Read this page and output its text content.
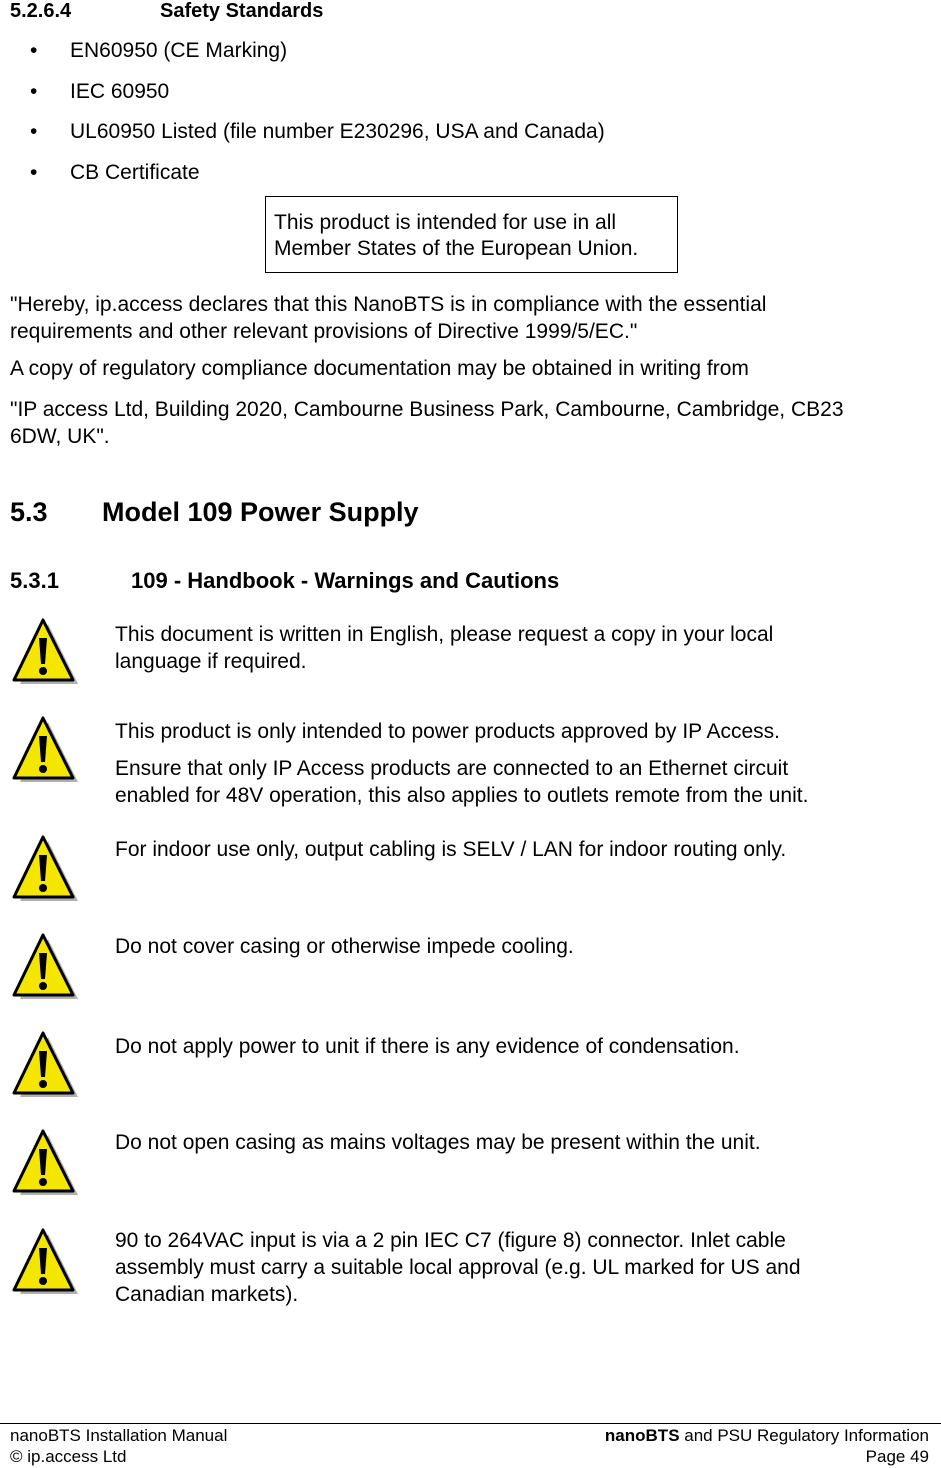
5.2.6.4	Safety Standards
•	EN60950 (CE Marking)
•	IEC 60950
•	UL60950 Listed (file number E230296, USA and Canada)
•	CB Certificate
This product is intended for use in all
Member States of the European Union.
"Hereby, ip.access declares that this NanoBTS is in compliance with the essential
requirements and other relevant provisions of Directive 1999/5/EC."
A copy of regulatory compliance documentation may be obtained in writing from
"IP access Ltd, Building 2020, Cambourne Business Park, Cambourne, Cambridge, CB23
6DW, UK".
5.3 Model 109 Power Supply
5.3.1	109 - Handbook - Warnings and Cautions

This document is written in English, please request a copy in your local
language if required.

This product is only intended to power products approved by IP Access.

Ensure that only IP Access products are connected to an Ethernet circuit
enabled for 48V operation, this also applies to outlets remote from the unit.

For indoor use only, output cabling is SELV / LAN for indoor routing only.

Do not cover casing or otherwise impede cooling.

Do not apply power to unit if there is any evidence of condensation.

Do not open casing as mains voltages may be present within the unit.

90 to 264VAC input is via a 2 pin IEC C7 (figure 8) connector. Inlet cable
assembly must carry a suitable local approval (e.g. UL marked for US and
Canadian markets).

nanoBTS Installation Manual
© ip.access Ltd
nanoBTS and PSU Regulatory Information
Page 49
